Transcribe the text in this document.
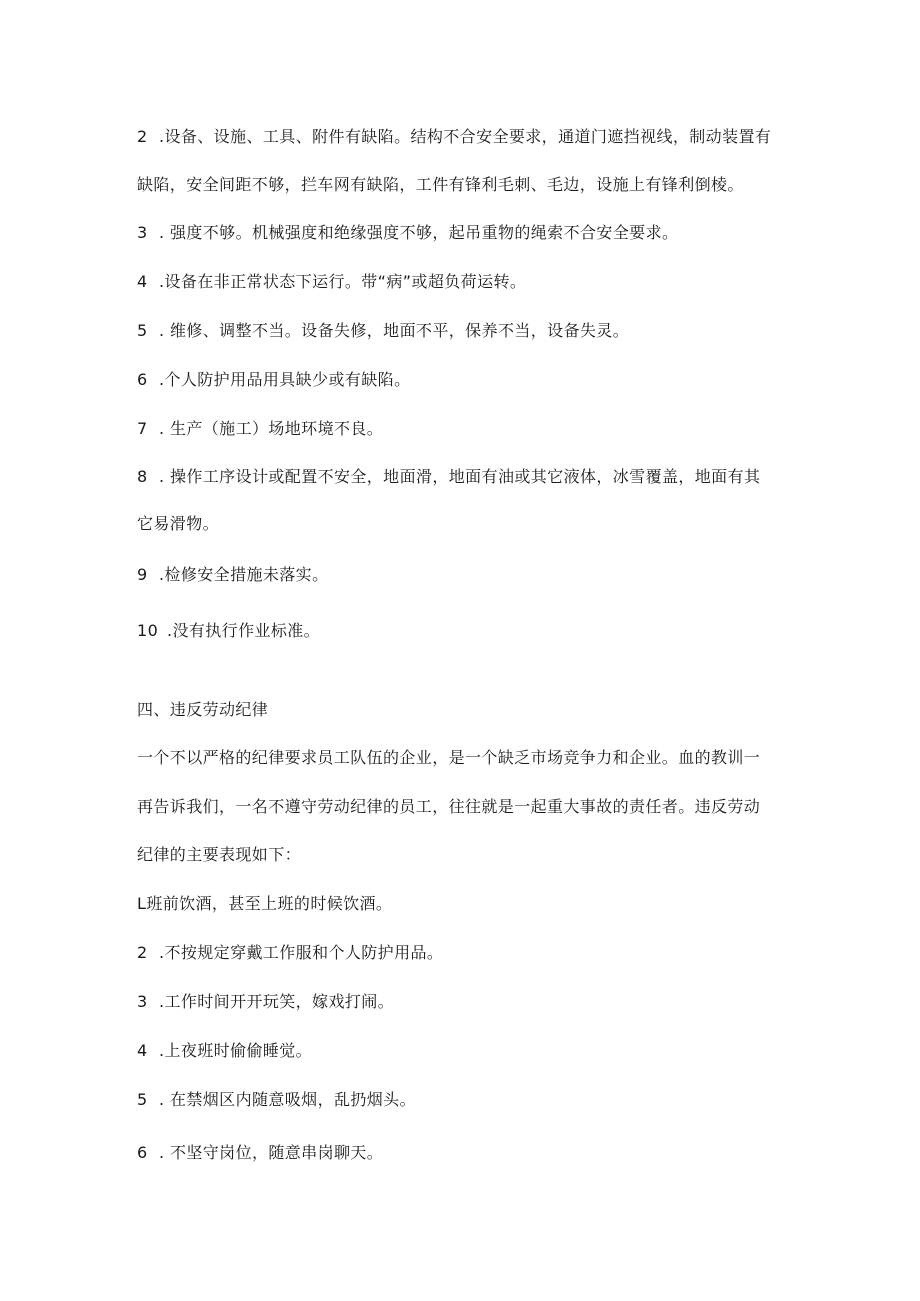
2 .设备、设施、工具、附件有缺陷。结构不合安全要求，通道门遮挡视线，制动装置有
缺陷，安全间距不够，拦车网有缺陷，工件有锋利毛刺、毛边，设施上有锋利倒棱。
3 . 强度不够。机械强度和绝缘强度不够，起吊重物的绳索不合安全要求。
4 .设备在非正常状态下运行。带“病”或超负荷运转。
5 . 维修、调整不当。设备失修，地面不平，保养不当，设备失灵。
6 .个人防护用品用具缺少或有缺陷。
7 . 生产（施工）场地环境不良。
8 . 操作工序设计或配置不安全，地面滑，地面有油或其它液体，冰雪覆盖，地面有其
它易滑物。
9 .检修安全措施未落实。
10 .没有执行作业标准。
四、违反劳动纪律
一个不以严格的纪律要求员工队伍的企业，是一个缺乏市场竞争力和企业。血的教训一
再告诉我们，一名不遵守劳动纪律的员工，往往就是一起重大事故的责任者。违反劳动
纪律的主要表现如下：
L班前饮酒，甚至上班的时候饮酒。
2 .不按规定穿戴工作服和个人防护用品。
3 .工作时间开开玩笑，嫁戏打闹。
4 .上夜班时偷偷睡觉。
5 . 在禁烟区内随意吸烟，乱扔烟头。
6 . 不坚守岗位，随意串岗聊天。
